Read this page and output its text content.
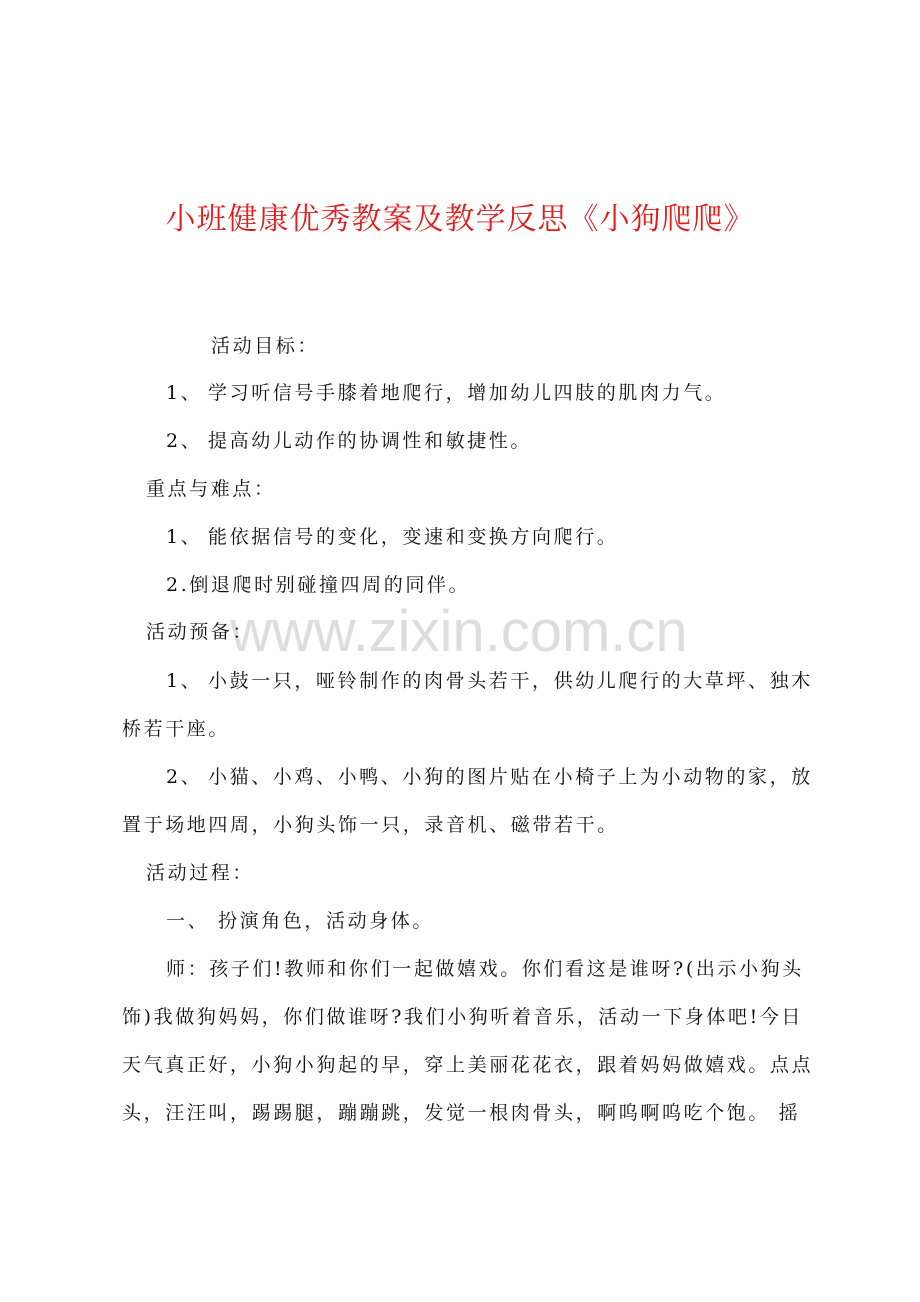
小班健康优秀教案及教学反思《小狗爬爬》
www.zixin.com.cn

活动目标：

1、 学习听信号手膝着地爬行，增加幼儿四肢的肌肉力气。

2、 提高幼儿动作的协调性和敏捷性。

重点与难点：

1、 能依据信号的变化，变速和变换方向爬行。

2.倒退爬时别碰撞四周的同伴。

活动预备：

1、 小鼓一只，哑铃制作的肉骨头若干，供幼儿爬行的大草坪、独木

桥若干座。

2、 小猫、小鸡、小鸭、小狗的图片贴在小椅子上为小动物的家，放

置于场地四周，小狗头饰一只，录音机、磁带若干。

活动过程：

一、 扮演角色，活动身体。

师：孩子们!教师和你们一起做嬉戏。你们看这是谁呀?(出示小狗头

饰)我做狗妈妈，你们做谁呀?我们小狗听着音乐，活动一下身体吧!今日

天气真正好，小狗小狗起的早，穿上美丽花花衣，跟着妈妈做嬉戏。点点

头，汪汪叫，踢踢腿，蹦蹦跳，发觉一根肉骨头，啊呜啊呜吃个饱。 摇
